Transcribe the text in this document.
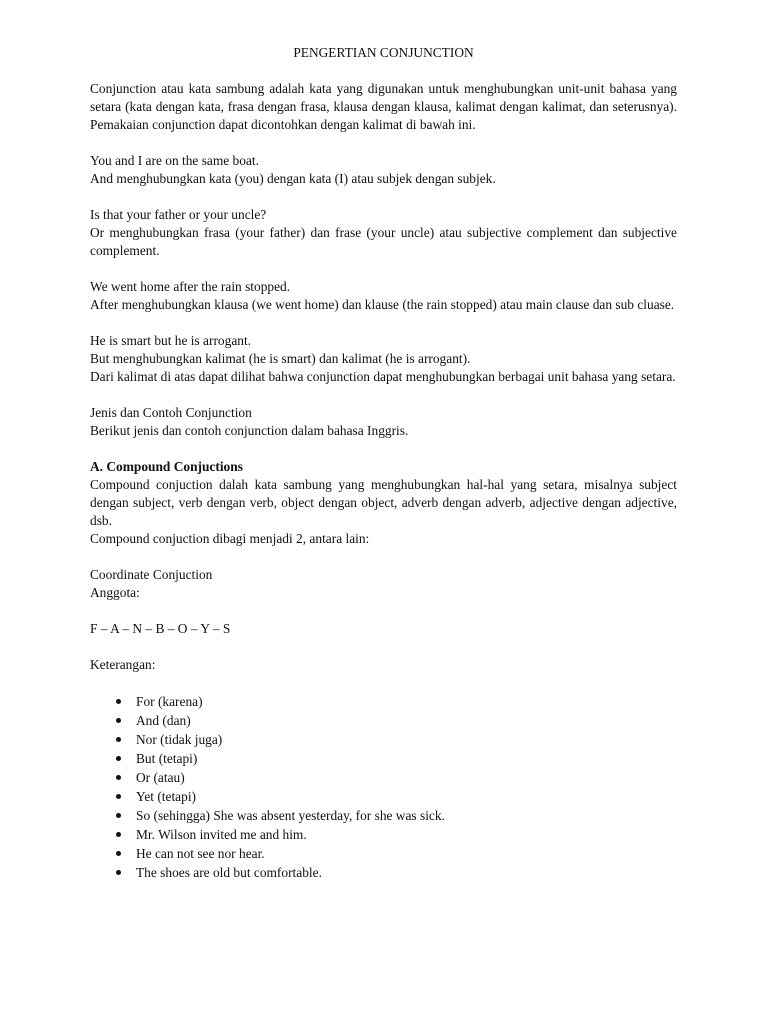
PENGERTIAN CONJUNCTION

Conjunction atau kata sambung adalah kata yang digunakan untuk menghubungkan unit-unit bahasa yang setara (kata dengan kata, frasa dengan frasa, klausa dengan klausa, kalimat dengan kalimat, dan seterusnya). Pemakaian conjunction dapat dicontohkan dengan kalimat di bawah ini.

You and I are on the same boat.

And menghubungkan kata (you) dengan kata (I) atau subjek dengan subjek.

Is that your father or your uncle?

Or menghubungkan frasa (your father) dan frase (your uncle) atau subjective complement dan subjective complement.

We went home after the rain stopped.

After menghubungkan klausa (we went home) dan klause (the rain stopped) atau main clause dan sub cluase.

He is smart but he is arrogant.

But menghubungkan kalimat (he is smart) dan kalimat (he is arrogant).

Dari kalimat di atas dapat dilihat bahwa conjunction dapat menghubungkan berbagai unit bahasa yang setara.

Jenis dan Contoh Conjunction

Berikut jenis dan contoh conjunction dalam bahasa Inggris.

A. Compound Conjuctions

Compound conjuction dalah kata sambung yang menghubungkan hal-hal yang setara, misalnya subject dengan subject, verb dengan verb, object dengan object, adverb dengan adverb, adjective dengan adjective, dsb.

Compound conjuction dibagi menjadi 2, antara lain:

Coordinate Conjuction

Anggota:

F – A – N – B – O – Y – S

Keterangan:

For (karena)
And (dan)
Nor (tidak juga)
But (tetapi)
Or (atau)
Yet (tetapi)
So (sehingga) She was absent yesterday, for she was sick.
Mr. Wilson invited me and him.
He can not see nor hear.
The shoes are old but comfortable.
